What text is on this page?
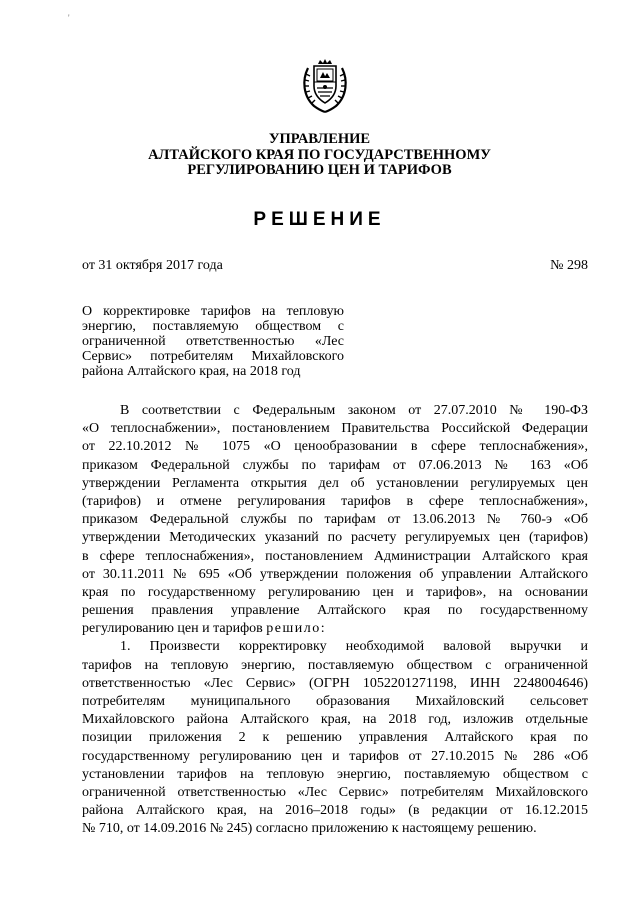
'
УПРАВЛЕНИЕ
АЛТАЙСКОГО КРАЯ ПО ГОСУДАРСТВЕННОМУ
РЕГУЛИРОВАНИЮ ЦЕН И ТАРИФОВ
РЕШЕНИЕ
от 31 октября 2017 года	№ 298
О корректировке тарифов на тепловую
энергию, поставляемую обществом с
ограниченной ответственностью «Лес
Сервис» потребителям Михайловского
района Алтайского края, на 2018 год
В соответствии с Федеральным законом от 27.07.2010 № 190-ФЗ
«О теплоснабжении», постановлением Правительства Российской Федерации
от 22.10.2012 № 1075 «О ценообразовании в сфере теплоснабжения»,
приказом Федеральной службы по тарифам от 07.06.2013 № 163 «Об
утверждении Регламента открытия дел об установлении регулируемых цен
(тарифов) и отмене регулирования тарифов в сфере теплоснабжения»,
приказом Федеральной службы по тарифам от 13.06.2013 № 760-э «Об
утверждении Методических указаний по расчету регулируемых цен (тарифов)
в сфере теплоснабжения», постановлением Администрации Алтайского края
от 30.11.2011 № 695 «Об утверждении положения об управлении Алтайского
края по государственному регулированию цен и тарифов», на основании
решения правления управление Алтайского края по государственному
регулированию цен и тарифов решило:
1. Произвести корректировку необходимой валовой выручки и
тарифов на тепловую энергию, поставляемую обществом с ограниченной
ответственностью «Лес Сервис» (ОГРН 1052201271198, ИНН 2248004646)
потребителям муниципального образования Михайловский сельсовет
Михайловского района Алтайского края, на 2018 год, изложив отдельные
позиции приложения 2 к решению управления Алтайского края по
государственному регулированию цен и тарифов от 27.10.2015 № 286 «Об
установлении тарифов на тепловую энергию, поставляемую обществом с
ограниченной ответственностью «Лес Сервис» потребителям Михайловского
района Алтайского края, на 2016–2018 годы» (в редакции от 16.12.2015
№ 710, от 14.09.2016 № 245) согласно приложению к настоящему решению.
